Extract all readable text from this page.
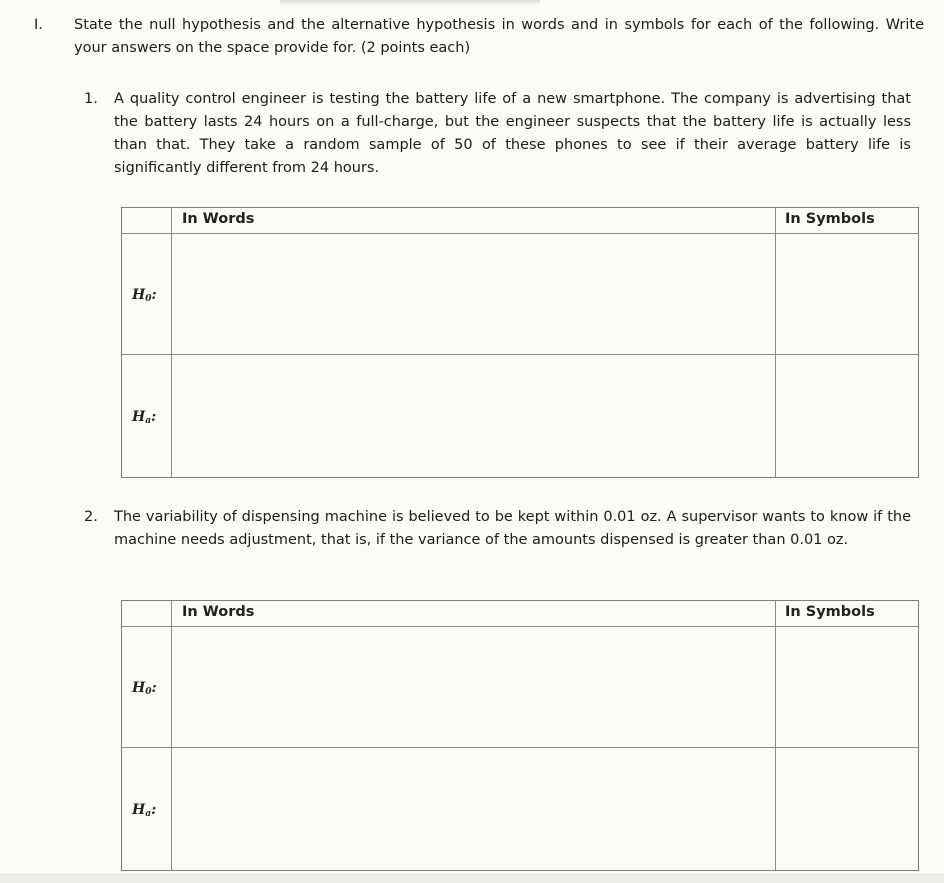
I. State the null hypothesis and the alternative hypothesis in words and in symbols for each of the following. Write your answers on the space provide for. (2 points each)
1. A quality control engineer is testing the battery life of a new smartphone. The company is advertising that the battery lasts 24 hours on a full-charge, but the engineer suspects that the battery life is actually less than that. They take a random sample of 50 of these phones to see if their average battery life is significantly different from 24 hours.
In Words	In Symbols
$H_0$:
$H_a$:
2. The variability of dispensing machine is believed to be kept within 0.01 oz. A supervisor wants to know if the machine needs adjustment, that is, if the variance of the amounts dispensed is greater than 0.01 oz.
In Words	In Symbols
$H_0$:
$H_a$:
